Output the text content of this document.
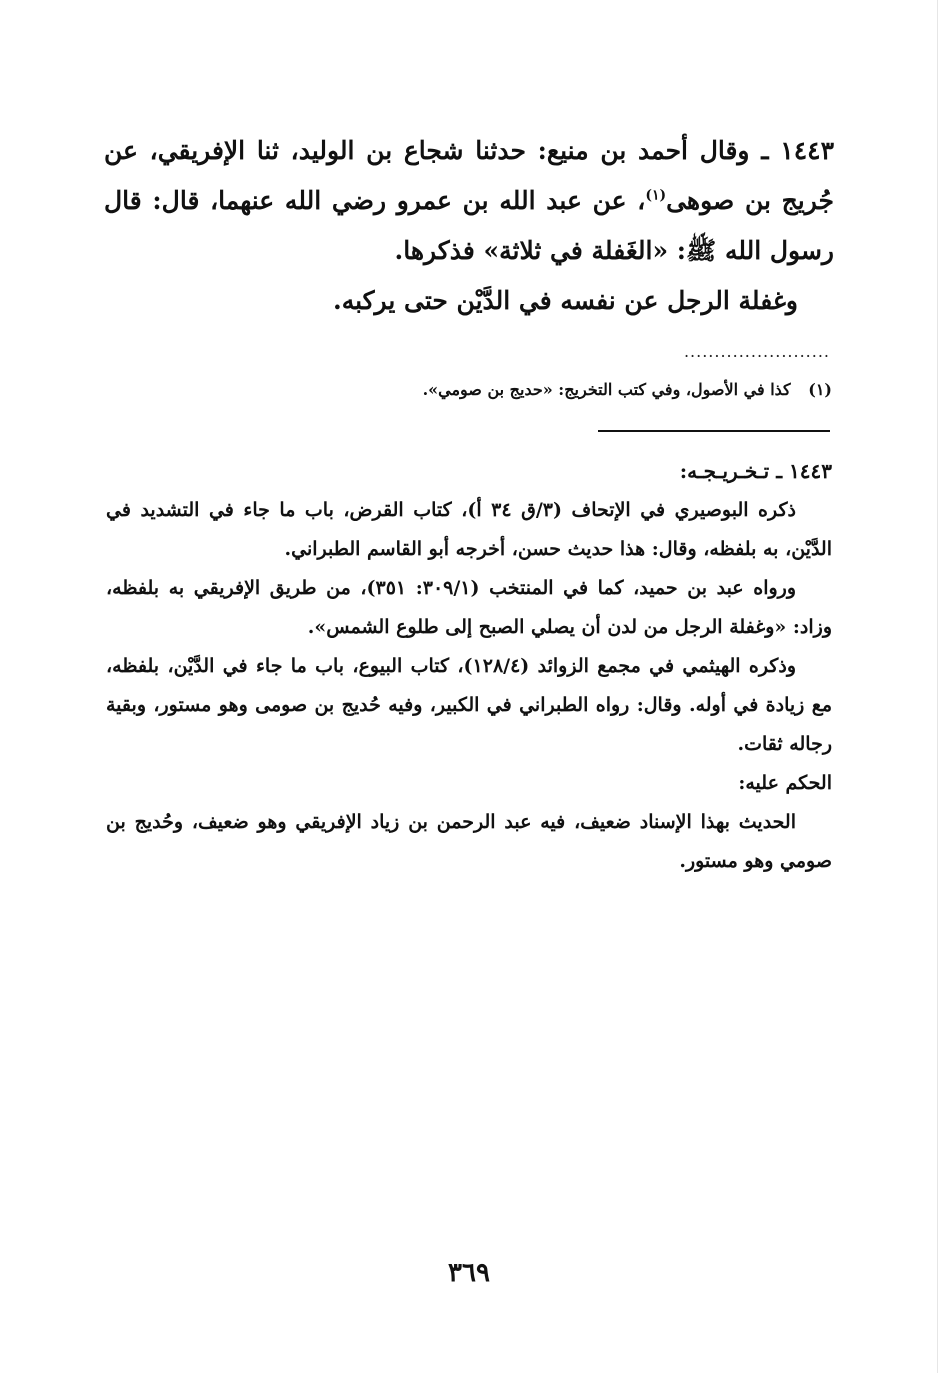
١٤٤٣ ـ وقال أحمد بن منيع: حدثنا شجاع بن الوليد، ثنا الإفريقي، عن جُريج بن صوهى$^{(١)}$، عن عبد الله بن عمرو رضي الله عنهما، قال: قال رسول الله ﷺ: «الغَفلة في ثلاثة» فذكرها.

وغفلة الرجل عن نفسه في الدَّيْن حتى يركبه.

........................
(١) كذا في الأصول، وفي كتب التخريج: «حديج بن صومي».

١٤٤٣ ـ تـخـريـجـه:

ذكره البوصيري في الإتحاف (٣/ق ٣٤ أ)، كتاب القرض، باب ما جاء في التشديد في الدَّيْن، به بلفظه، وقال: هذا حديث حسن، أخرجه أبو القاسم الطبراني.

ورواه عبد بن حميد، كما في المنتخب (٣٠٩/١: ٣٥١)، من طريق الإفريقي به بلفظه، وزاد: «وغفلة الرجل من لدن أن يصلي الصبح إلى طلوع الشمس».

وذكره الهيثمي في مجمع الزوائد (١٢٨/٤)، كتاب البيوع، باب ما جاء في الدَّيْن، بلفظه، مع زيادة في أوله. وقال: رواه الطبراني في الكبير، وفيه حُديج بن صومى وهو مستور، وبقية رجاله ثقات.

الحكم عليه:

الحديث بهذا الإسناد ضعيف، فيه عبد الرحمن بن زياد الإفريقي وهو ضعيف، وحُديج بن صومي وهو مستور.

٣٦٩
